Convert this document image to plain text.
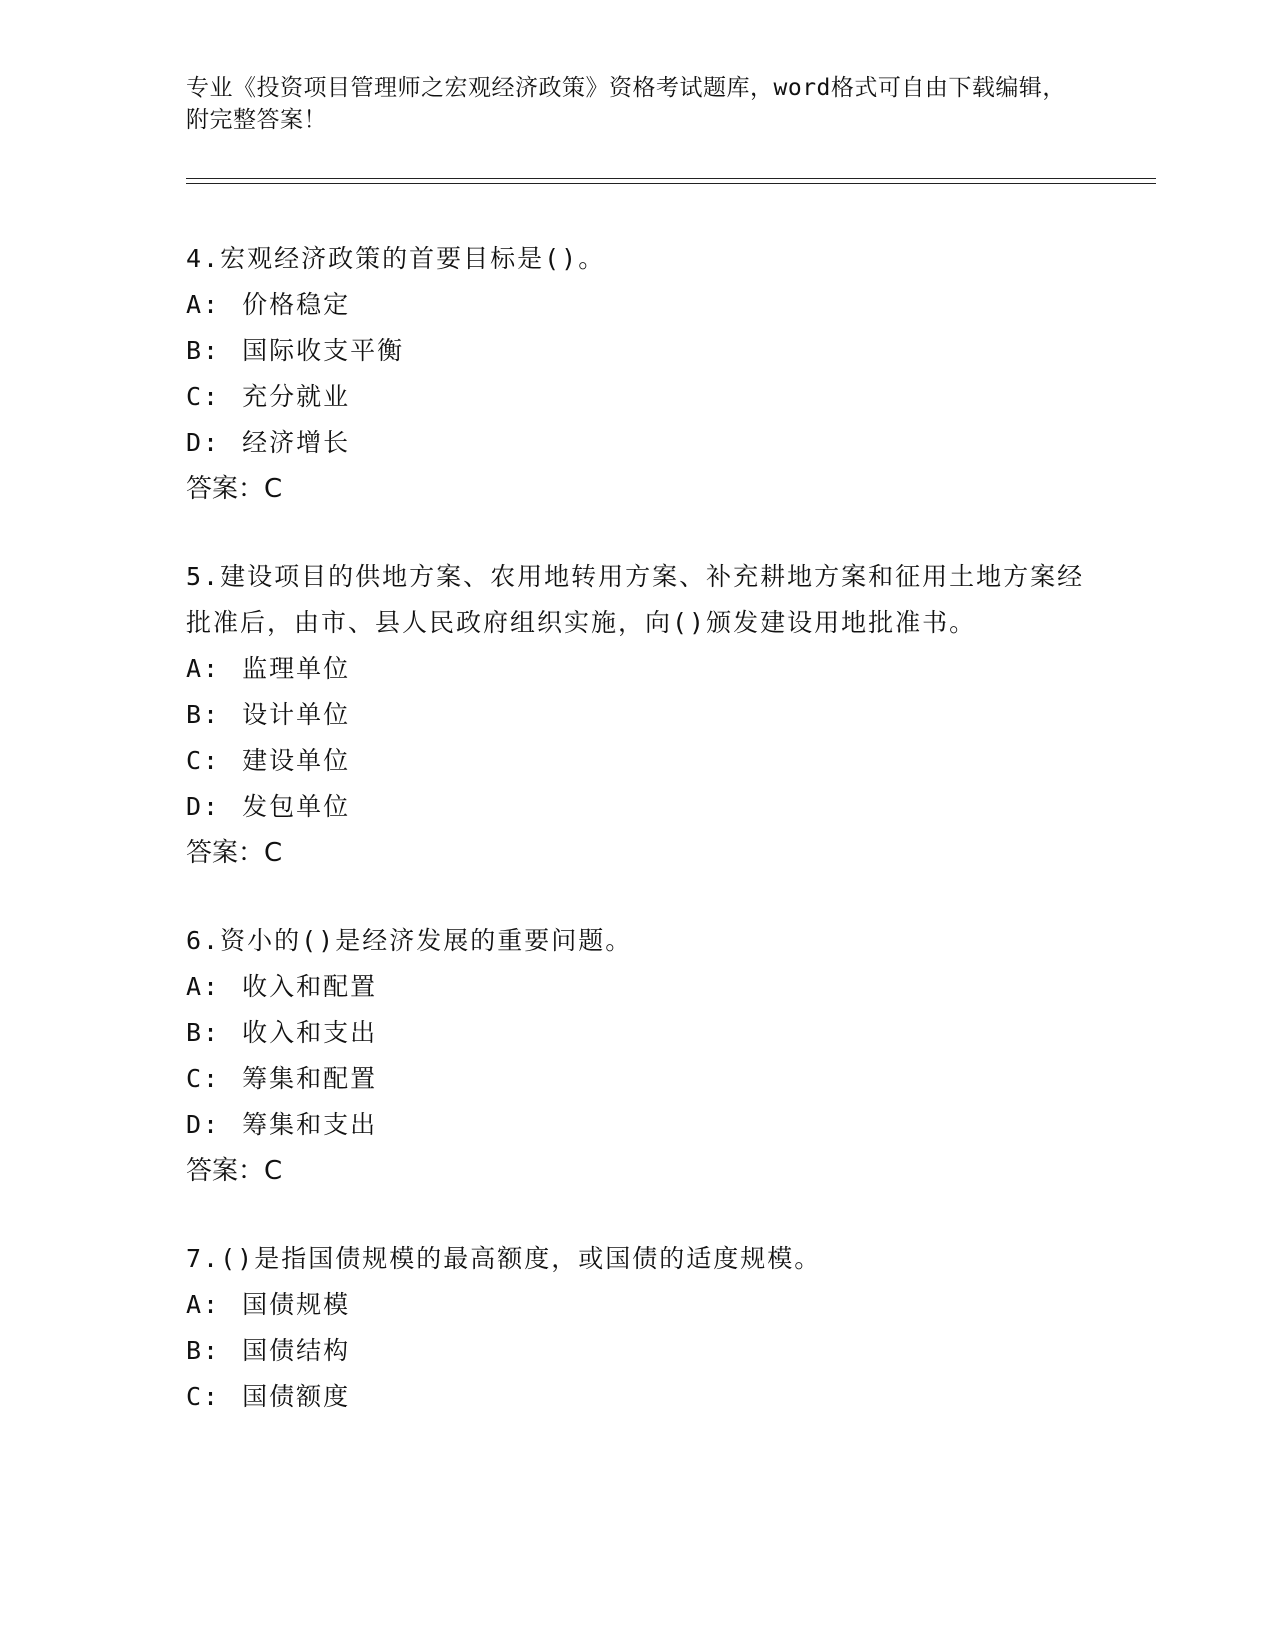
专业《投资项目管理师之宏观经济政策》资格考试题库，word格式可自由下载编辑，附完整答案！

4.宏观经济政策的首要目标是()。

A: 价格稳定

B: 国际收支平衡

C: 充分就业

D: 经济增长

答案：C

5.建设项目的供地方案、农用地转用方案、补充耕地方案和征用土地方案经批准后，由市、县人民政府组织实施，向()颁发建设用地批准书。

A: 监理单位

B: 设计单位

C: 建设单位

D: 发包单位

答案：C

6.资小的()是经济发展的重要问题。

A: 收入和配置

B: 收入和支出

C: 筹集和配置

D: 筹集和支出

答案：C

7.()是指国债规模的最高额度，或国债的适度规模。

A: 国债规模

B: 国债结构

C: 国债额度
